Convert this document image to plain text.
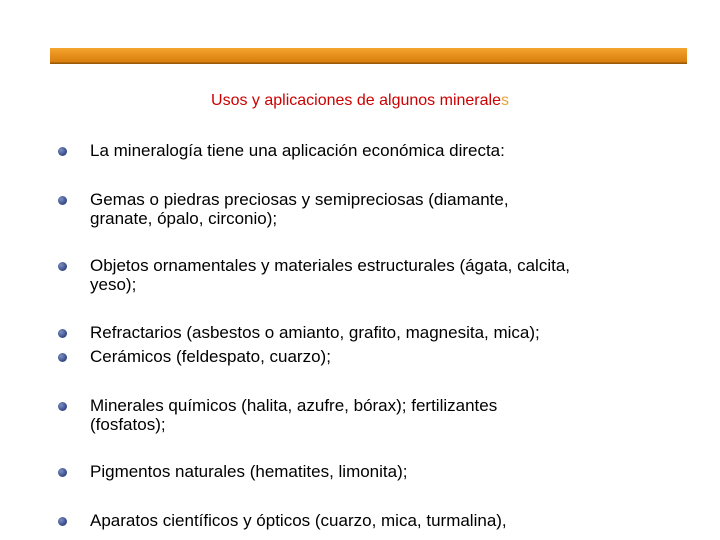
Usos y aplicaciones de algunos minerales
La mineralogía tiene una aplicación económica directa:
Gemas o piedras preciosas y semipreciosas (diamante,
granate, ópalo, circonio);
Objetos ornamentales y materiales estructurales (ágata, calcita,
yeso);
Refractarios (asbestos o amianto, grafito, magnesita, mica);
Cerámicos (feldespato, cuarzo);
Minerales químicos (halita, azufre, bórax); fertilizantes
(fosfatos);
Pigmentos naturales (hematites, limonita);
Aparatos científicos y ópticos (cuarzo, mica, turmalina),
